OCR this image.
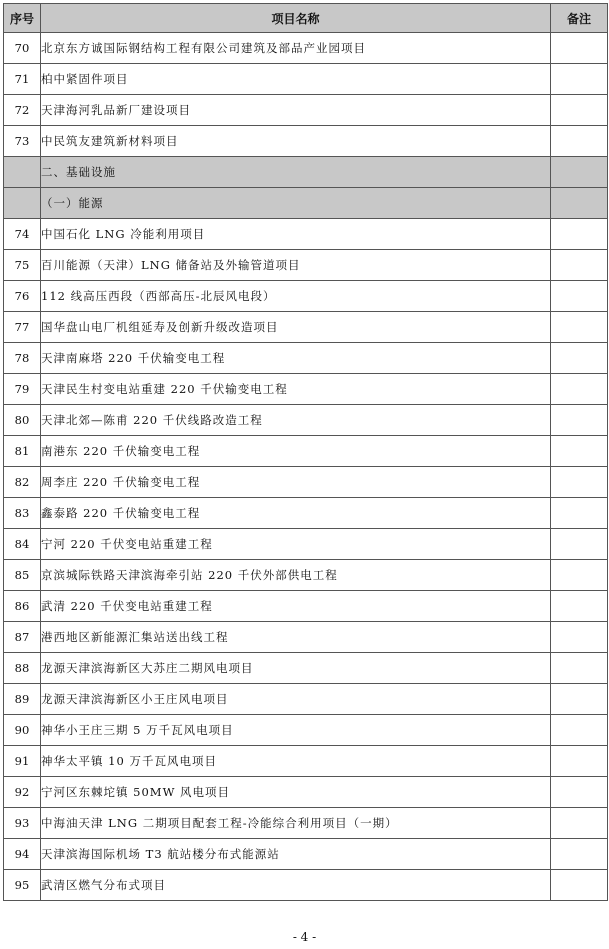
序号	项目名称	备注
70	北京东方诚国际钢结构工程有限公司建筑及部品产业园项目	
71	柏中紧固件项目	
72	天津海河乳品新厂建设项目	
73	中民筑友建筑新材料项目	
	二、基础设施	
	（一）能源	
74	中国石化 LNG 冷能利用项目	
75	百川能源（天津）LNG 储备站及外输管道项目	
76	112 线高压西段（西部高压-北辰风电段）	
77	国华盘山电厂机组延寿及创新升级改造项目	
78	天津南麻塔 220 千伏输变电工程	
79	天津民生村变电站重建 220 千伏输变电工程	
80	天津北郊—陈甫 220 千伏线路改造工程	
81	南港东 220 千伏输变电工程	
82	周李庄 220 千伏输变电工程	
83	鑫泰路 220 千伏输变电工程	
84	宁河 220 千伏变电站重建工程	
85	京滨城际铁路天津滨海牵引站 220 千伏外部供电工程	
86	武清 220 千伏变电站重建工程	
87	港西地区新能源汇集站送出线工程	
88	龙源天津滨海新区大苏庄二期风电项目	
89	龙源天津滨海新区小王庄风电项目	
90	神华小王庄三期 5 万千瓦风电项目	
91	神华太平镇 10 万千瓦风电项目	
92	宁河区东棘坨镇 50MW 风电项目	
93	中海油天津 LNG 二期项目配套工程-冷能综合利用项目（一期）	
94	天津滨海国际机场 T3 航站楼分布式能源站	
95	武清区燃气分布式项目	
- 4 -
